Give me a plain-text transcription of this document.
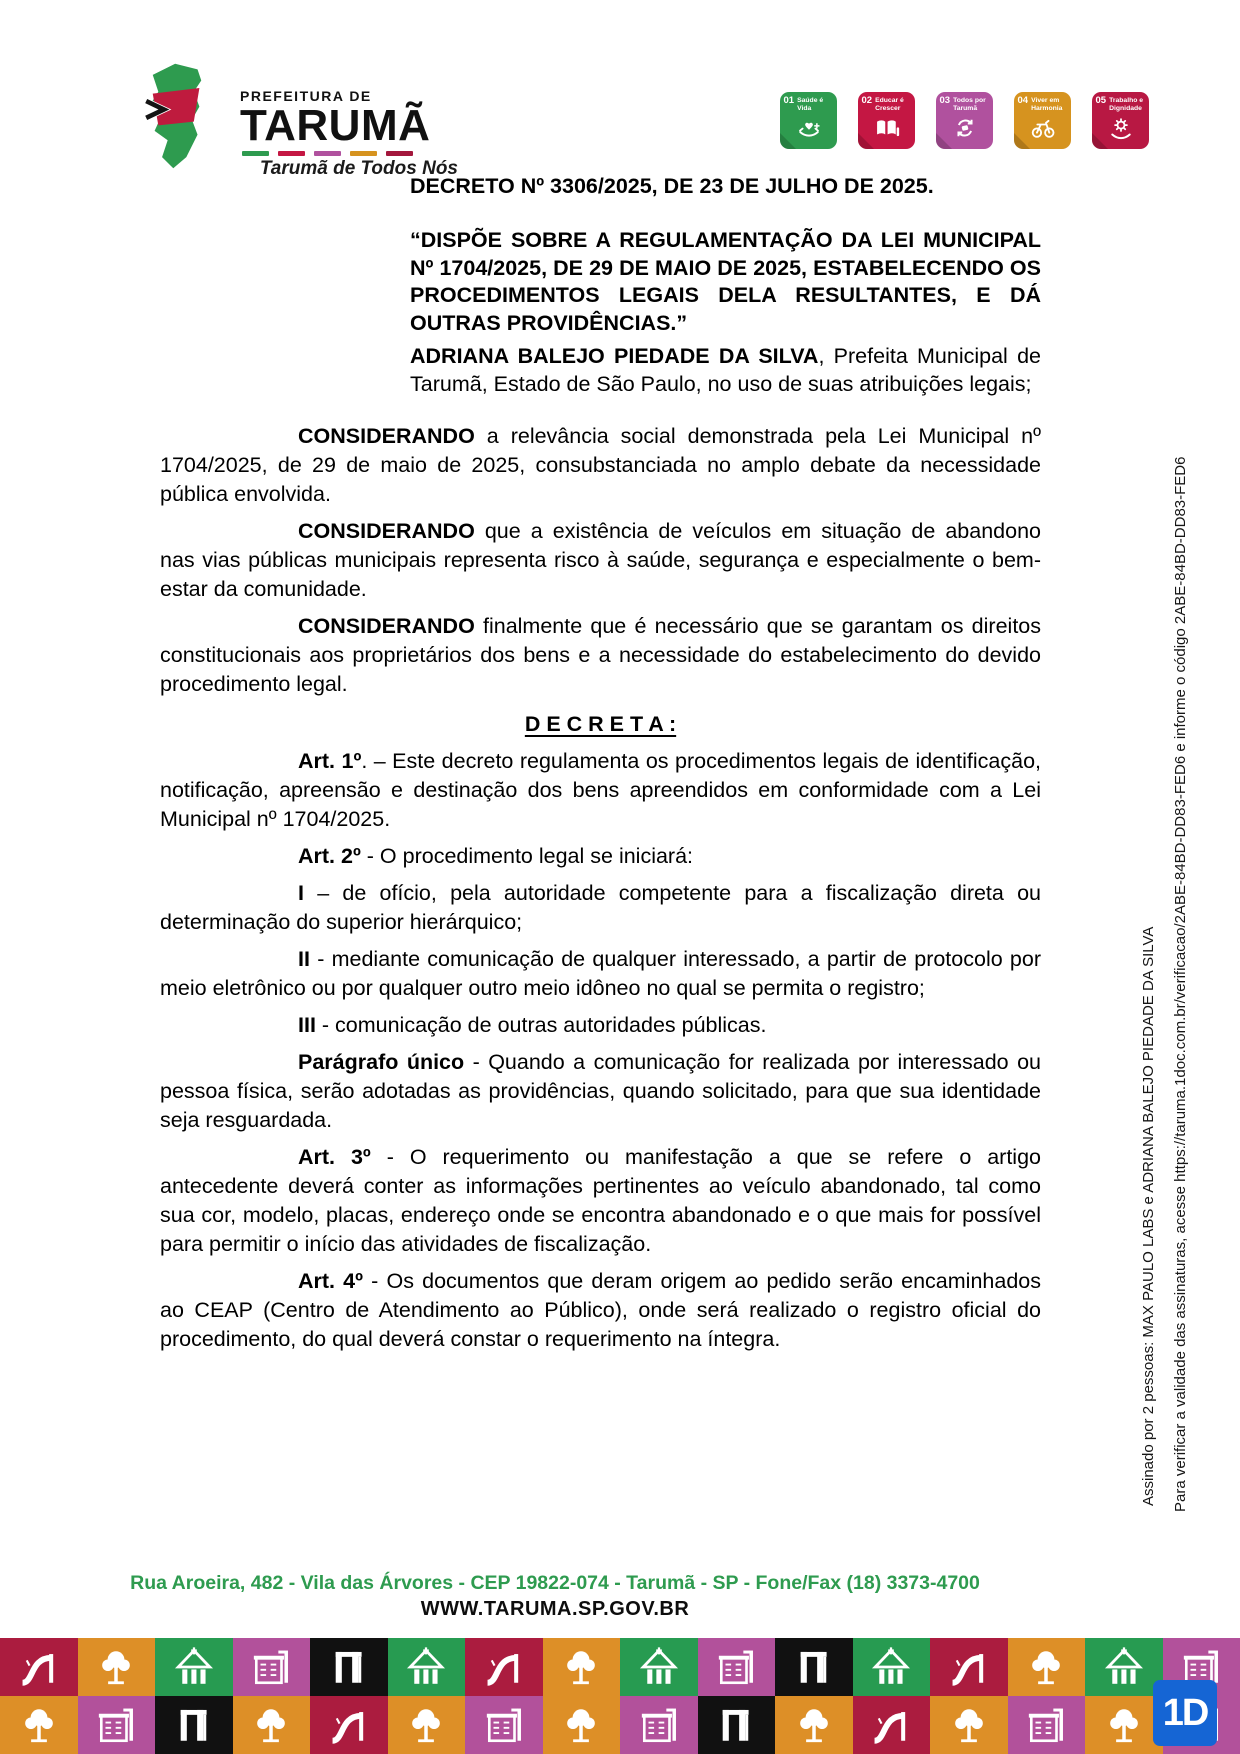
PREFEITURA DE
TARUMÃ
Tarumã de Todos Nós
01 Saúde é Vida
02 Educar é Crescer
03 Todos por Tarumã
04 Viver em Harmonia
05 Trabalho e Dignidade

DECRETO Nº 3306/2025, DE 23 DE JULHO DE 2025.

“DISPÕE SOBRE A REGULAMENTAÇÃO DA LEI MUNICIPAL Nº 1704/2025, DE 29 DE MAIO DE 2025, ESTABELECENDO OS PROCEDIMENTOS LEGAIS DELA RESULTANTES, E DÁ OUTRAS PROVIDÊNCIAS.”

ADRIANA BALEJO PIEDADE DA SILVA, Prefeita Municipal de Tarumã, Estado de São Paulo, no uso de suas atribuições legais;

CONSIDERANDO a relevância social demonstrada pela Lei Municipal nº 1704/2025, de 29 de maio de 2025, consubstanciada no amplo debate da necessidade pública envolvida.

CONSIDERANDO que a existência de veículos em situação de abandono nas vias públicas municipais representa risco à saúde, segurança e especialmente o bem-estar da comunidade.

CONSIDERANDO finalmente que é necessário que se garantam os direitos constitucionais aos proprietários dos bens e a necessidade do estabelecimento do devido procedimento legal.

D E C R E T A :

Art. 1º. – Este decreto regulamenta os procedimentos legais de identificação, notificação, apreensão e destinação dos bens apreendidos em conformidade com a Lei Municipal nº 1704/2025.

Art. 2º - O procedimento legal se iniciará:

I – de ofício, pela autoridade competente para a fiscalização direta ou determinação do superior hierárquico;

II - mediante comunicação de qualquer interessado, a partir de protocolo por meio eletrônico ou por qualquer outro meio idôneo no qual se permita o registro;

III - comunicação de outras autoridades públicas.

Parágrafo único - Quando a comunicação for realizada por interessado ou pessoa física, serão adotadas as providências, quando solicitado, para que sua identidade seja resguardada.

Art. 3º - O requerimento ou manifestação a que se refere o artigo antecedente deverá conter as informações pertinentes ao veículo abandonado, tal como sua cor, modelo, placas, endereço onde se encontra abandonado e o que mais for possível para permitir o início das atividades de fiscalização.

Art. 4º - Os documentos que deram origem ao pedido serão encaminhados ao CEAP (Centro de Atendimento ao Público), onde será realizado o registro oficial do procedimento, do qual deverá constar o requerimento na íntegra.	Assinado por 2 pessoas: MAX PAULO LABS e ADRIANA BALEJO PIEDADE DA SILVA Para verificar a validade das assinaturas, acesse https://taruma.1doc.com.br/verificacao/2ABE-84BD-DD83-FED6 e informe o código 2ABE-84BD-DD83-FED6
Rua Aroeira, 482 - Vila das Árvores - CEP 19822-074 - Tarumã - SP - Fone/Fax (18) 3373-4700
WWW.TARUMA.SP.GOV.BR
1D
